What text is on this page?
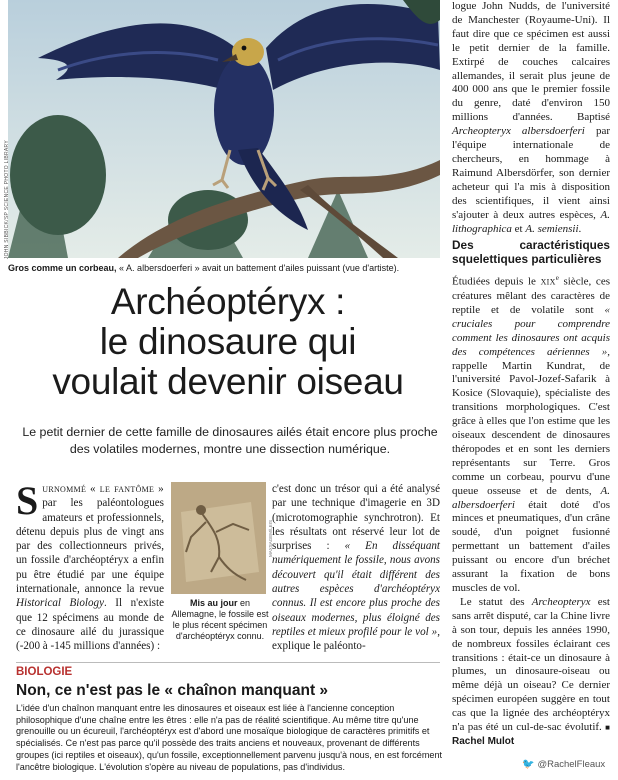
JOHN SIBBICK/SP SCIENCE PHOTO LIBRARY
Gros comme un corbeau, « A. albersdoerferi » avait un battement d'ailes puissant (vue d'artiste).
Archéoptéryx :
le dinosaure qui
voulait devenir oiseau
Le petit dernier de cette famille de dinosaures ailés était encore plus proche des volatiles modernes, montre une dissection numérique.
Surnommé « le fantôme » par les paléontologues amateurs et professionnels, détenu depuis plus de vingt ans par des collectionneurs privés, un fossile d'archéoptéryx a enfin pu être étudié par une équipe internationale, annonce la revue Historical Biology. Il n'existe que 12 spécimens au monde de ce dinosaure ailé du jurassique (-200 à -145 millions d'années) :
MAXSAGEM/LEIS
Mis au jour en Allemagne, le fossile est le plus récent spécimen d'archéoptéryx connu.
c'est donc un trésor qui a été analysé par une technique d'imagerie en 3D (microtomographie synchrotron). Et les résultats ont réservé leur lot de surprises : « En disséquant numériquement le fossile, nous avons découvert qu'il était différent des autres espèces d'archéoptéryx connus. Il est encore plus proche des oiseaux modernes, plus éloigné des reptiles et mieux profilé pour le vol », explique le paléonto-
logue John Nudds, de l'université de Manchester (Royaume-Uni). Il faut dire que ce spécimen est aussi le petit dernier de la famille. Extirpé de couches calcaires allemandes, il serait plus jeune de 400 000 ans que le premier fossile du genre, daté d'environ 150 millions d'années. Baptisé Archeopteryx albersdoerferi par l'équipe internationale de chercheurs, en hommage à Raimund Albersdörfer, son dernier acheteur qui l'a mis à disposition des scientifiques, il vient ainsi s'ajouter à deux autres espèces, A. lithographica et A. semiensii.
Des caractéristiques squelettiques particulières
Étudiées depuis le xix$^e$ siècle, ces créatures mêlant des caractères de reptile et de volatile sont « cruciales pour comprendre comment les dinosaures ont acquis des compétences aériennes », rappelle Martin Kundrat, de l'université Pavol-Jozef-Safarik à Kosice (Slovaquie), spécialiste des transitions morphologiques. C'est grâce à elles que l'on estime que les oiseaux descendent de dinosaures théropodes et en sont les derniers représentants sur Terre. Gros comme un corbeau, pourvu d'une queue osseuse et de dents, A. albersdoerferi était doté d'os minces et pneumatiques, d'un crâne soudé, d'un poignet fusionné permettant un battement d'ailes puissant ou encore d'un bréchet assurant la fixation de bons muscles de vol.
Le statut des Archeopteryx est sans arrêt disputé, car la Chine livre à son tour, depuis les années 1990, de nombreux fossiles éclairant ces transitions : était-ce un dinosaure à plumes, un dinosaure-oiseau ou même déjà un oiseau? Ce dernier spécimen européen suggère en tout cas que la lignée des archéoptéryx n'a pas été un cul-de-sac évolutif. ■ Rachel Mulot
BIOLOGIE
Non, ce n'est pas le « chaînon manquant »
L'idée d'un chaînon manquant entre les dinosaures et oiseaux est liée à l'ancienne conception philosophique d'une chaîne entre les êtres : elle n'a pas de réalité scientifique. Au même titre qu'une grenouille ou un écureuil, l'archéoptéryx est d'abord une mosaïque biologique de caractères primitifs et spécialisés. Ce n'est pas parce qu'il possède des traits anciens et nouveaux, provenant de différents groupes (ici reptiles et oiseaux), qu'un fossile, exceptionnellement parvenu jusqu'à nous, en est forcément l'ancêtre biologique. L'évolution s'opère au niveau de populations, pas d'individus.	🐦 @RachelFleaux
